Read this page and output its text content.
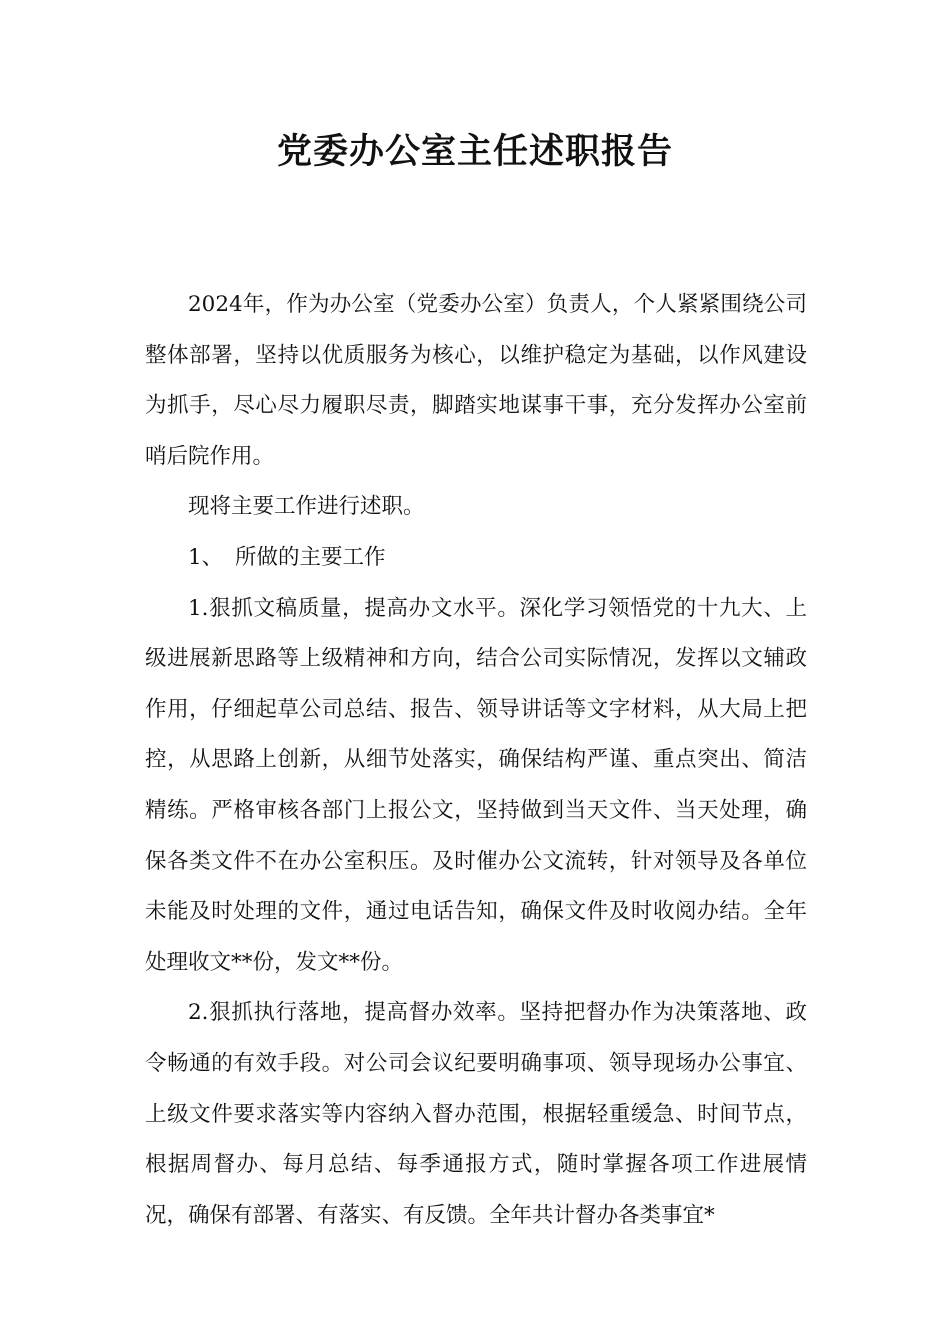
党委办公室主任述职报告

2024年，作为办公室（党委办公室）负责人，个人紧紧围绕公司整体部署，坚持以优质服务为核心，以维护稳定为基础，以作风建设为抓手，尽心尽力履职尽责，脚踏实地谋事干事，充分发挥办公室前哨后院作用。

现将主要工作进行述职。

1、 所做的主要工作

1.狠抓文稿质量，提高办文水平。深化学习领悟党的十九大、上级进展新思路等上级精神和方向，结合公司实际情况，发挥以文辅政作用，仔细起草公司总结、报告、领导讲话等文字材料，从大局上把控，从思路上创新，从细节处落实，确保结构严谨、重点突出、简洁精练。严格审核各部门上报公文，坚持做到当天文件、当天处理，确保各类文件不在办公室积压。及时催办公文流转，针对领导及各单位未能及时处理的文件，通过电话告知，确保文件及时收阅办结。全年处理收文**份，发文**份。

2.狠抓执行落地，提高督办效率。坚持把督办作为决策落地、政令畅通的有效手段。对公司会议纪要明确事项、领导现场办公事宜、上级文件要求落实等内容纳入督办范围，根据轻重缓急、时间节点，根据周督办、每月总结、每季通报方式，随时掌握各项工作进展情况，确保有部署、有落实、有反馈。全年共计督办各类事宜*
